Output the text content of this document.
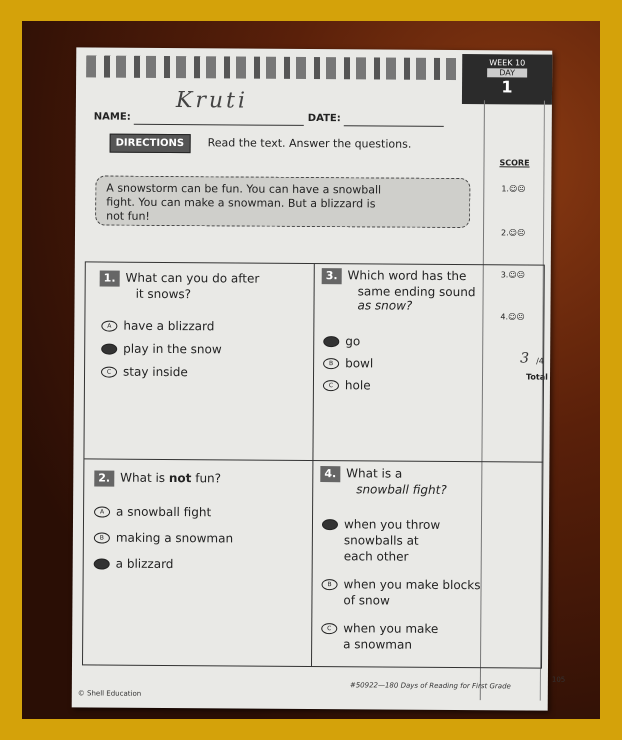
WEEK 10
DAY
1
NAME:
Kruti
DATE:
DIRECTIONS	Read the text. Answer the questions.
A snowstorm can be fun. You can have a snowball
fight. You can make a snowman. But a blizzard is
not fun!
SCORE
1.☺☹
2.☺☹
3.☺☹
4.☺☹
3 /4
Total
1. What can you do after
it snows?
A have a blizzard
B play in the snow
C stay inside
3. Which word has the
same ending sound
as snow?
A go
B bowl
C hole
2. What is not fun?
A a snowball fight
B making a snowman
C a blizzard
4. What is a
snowball fight?
A when you throw
snowballs at
each other
B when you make blocks
of snow
C when you make
a snowman
© Shell Education
#50922—180 Days of Reading for First Grade
105
